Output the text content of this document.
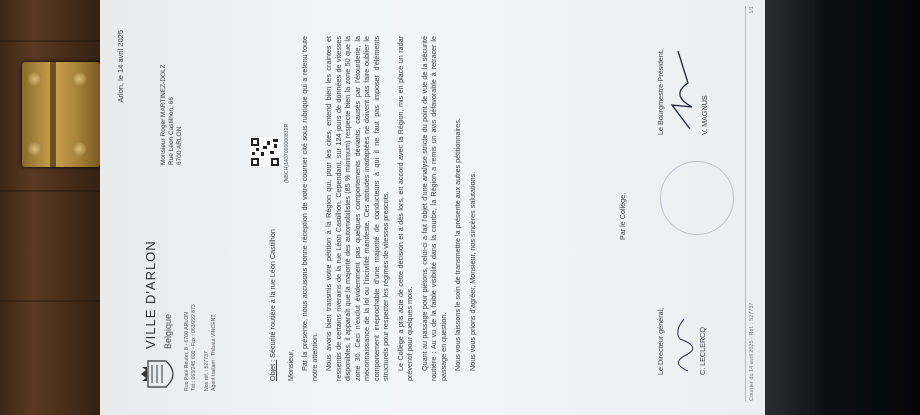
Arlon, le 14 avril 2025
VILLE D'ARLON Belgique Rue Paul Reuter, 8 - 6700 ARLON Tél : 063/245 600 - Fax : 063/222 873 Nos réf. : 527737 Agent traitant : Thibaut VINCENT
Monsieur Roger MARTINEZ-DOLZ Rue Léon Castilhon, 66 6700 ARLON	(NBCH)1437000000812R
Objet : Sécurité routière à la rue Léon Castilhon
Monsieur, Par la présente, nous accusons bonne réception de votre courrier cité sous rubrique qui a retenu toute notre attention. Nous avons bien transmis votre pétition à la Région qui, pour les cites, entend bien les craintes et ressentis de certains riverains de la rue Léon Castilhon. Cependant, sur 124 jours de données de vitesses disponibles, il apparaît que la majorité des automobilistes (85 % minimum) respecte bien la zone 50 que la zone 30. Ceci n'exclut évidemment pas quelques comportements déviants, causés par l'étourderie, la méconnaissance de la loi ou l'incivilité manifeste. Ces attitudes inadaptées ne doivent pas faire oublier le comportement irréprochable d'une majorité de conducteurs à qui il ne faut pas imposer d'éléments structurels pour respecter les régimes de vitesses prescrits. Le Collège a pris acte de cette décision et a dès lors, en accord avec la Région, mis en place un radar préventif pour quelques mois. Quant au passage pour piétons, celui-ci a fait l'objet d'une analyse stricte du point de vue de la sécurité routière : Au vu de la faible visibilité dans la courbe, la Région a remis un avis défavorable à retracer le passage en question. Nous vous laissons le soin de transmettre la présente aux autres pétitionnaires. Nous vous prions d'agréer, Monsieur, nos sincères salutations.	Par le Collège,
Le Directeur général,	C. LECLERCQ
Le Bourgmestre-Président,	V. MAGNUS
Courrier du 14 avril 2025 - Réf. : 527737
1/1
